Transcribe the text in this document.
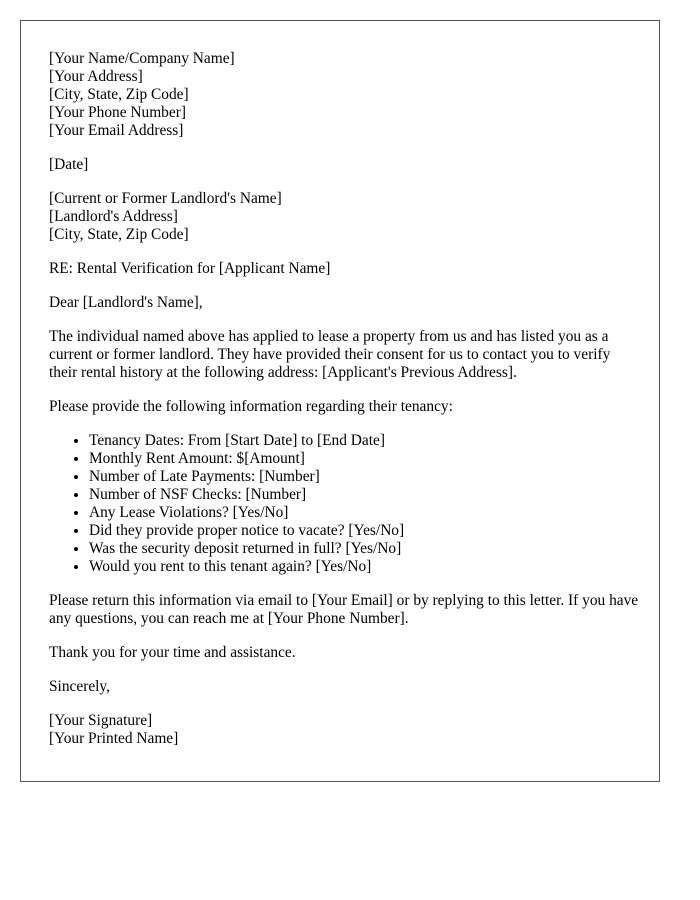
[Your Name/Company Name]
[Your Address]
[City, State, Zip Code]
[Your Phone Number]
[Your Email Address]
[Date]
[Current or Former Landlord's Name]
[Landlord's Address]
[City, State, Zip Code]

RE: Rental Verification for [Applicant Name]

Dear [Landlord's Name],

The individual named above has applied to lease a property from us and has listed you as a current or former landlord. They have provided their consent for us to contact you to verify their rental history at the following address: [Applicant's Previous Address].

Please provide the following information regarding their tenancy:

• Tenancy Dates: From [Start Date] to [End Date]
• Monthly Rent Amount: $[Amount]
• Number of Late Payments: [Number]
• Number of NSF Checks: [Number]
• Any Lease Violations? [Yes/No]
• Did they provide proper notice to vacate? [Yes/No]
• Was the security deposit returned in full? [Yes/No]
• Would you rent to this tenant again? [Yes/No]

Please return this information via email to [Your Email] or by replying to this letter. If you have any questions, you can reach me at [Your Phone Number].

Thank you for your time and assistance.

Sincerely,

[Your Signature]
[Your Printed Name]
